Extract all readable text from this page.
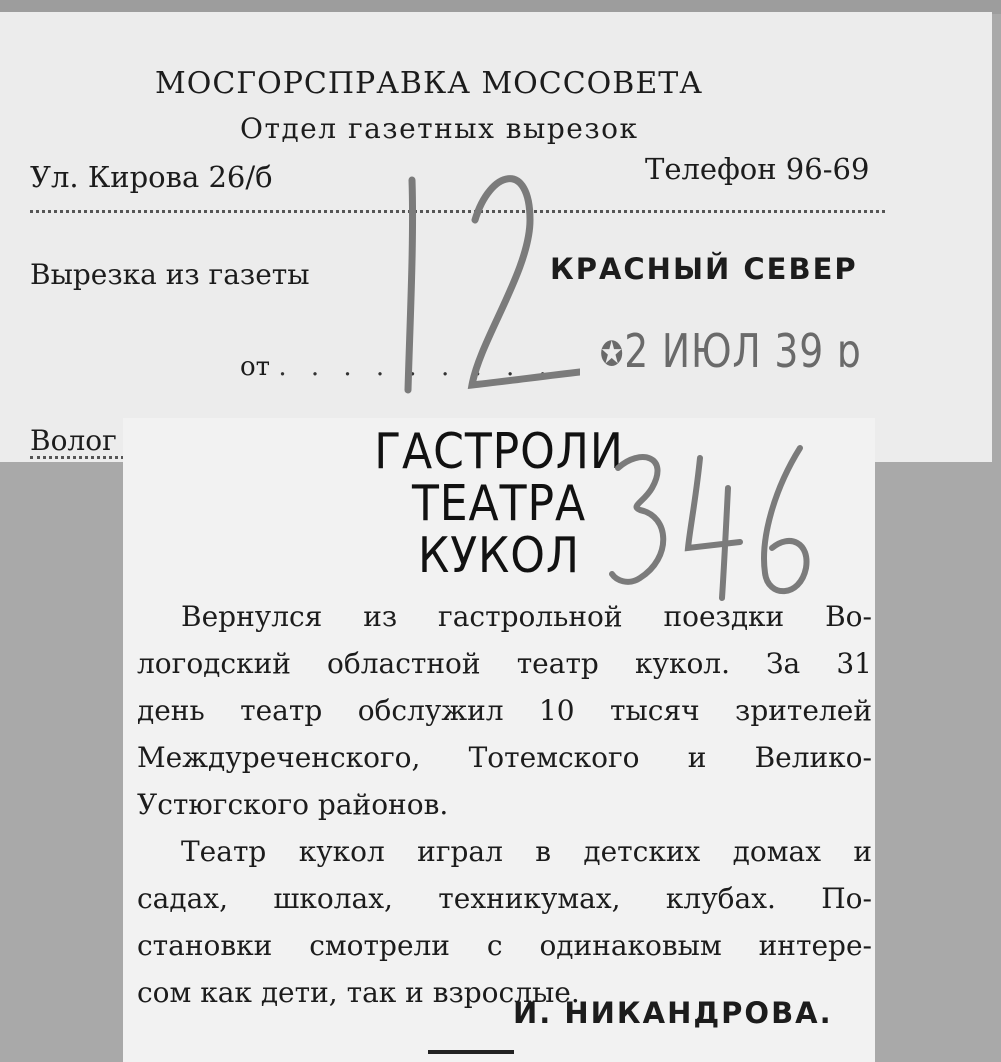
МОСГОРСПРАВКА МОССОВЕТА
Отдел газетных вырезок
Ул. Кирова 26/б	Телефон 96-69
Вырезка из газеты	КРАСНЫЙ СЕВЕР
от . . . . . . . . . ✪2 ИЮЛ 39 ɒ
Волог	ГАСТРОЛИ
ТЕАТРА
КУКОЛ

Вернулся из гастрольной поездки Во-
логодский областной театр кукол. За 31
день театр обслужил 10 тысяч зрителей
Междуреченского, Тотемского и Велико-
Устюгского районов.

Театр кукол играл в детских домах и
садах, школах, техникумах, клубах. По-
становки смотрели с одинаковым интере-
сом как дети, так и взрослые.

И. НИКАНДРОВА.
